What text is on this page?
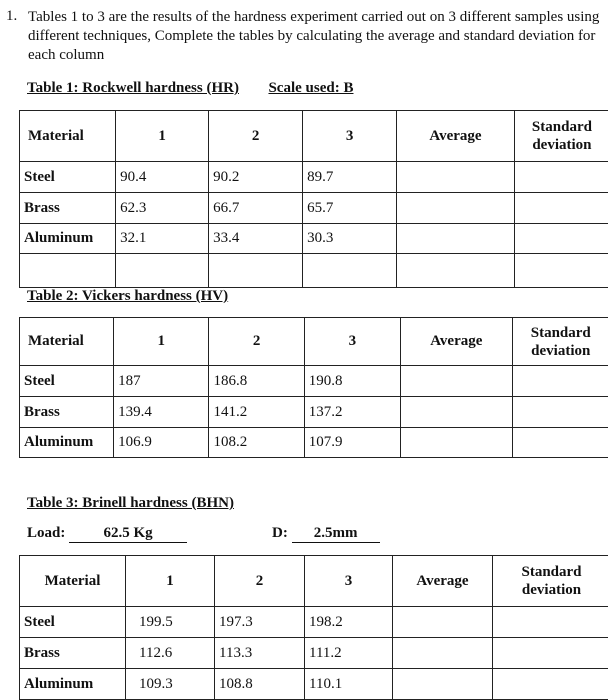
1. Tables 1 to 3 are the results of the hardness experiment carried out on 3 different samples using different techniques, Complete the tables by calculating the average and standard deviation for each column
Table 1: Rockwell hardness (HR) Scale used: B
Material	1	2	3	Average	Standard
deviation

Steel	90.4	90.2	89.7		
Brass	62.3	66.7	65.7		
Aluminum	32.1	33.4	30.3		

Table 2: Vickers hardness (HV)
Material	1	2	3	Average	Standard
deviation

Steel	187	186.8	190.8		
Brass	139.4	141.2	137.2		
Aluminum	106.9	108.2	107.9		
Table 3: Brinell hardness (BHN)
Load:	62.5 Kg	D: 2.5mm
Material	1	2	3	Average	Standard
deviation

Steel	199.5	197.3	198.2		
Brass	112.6	113.3	111.2		
Aluminum	109.3	108.8	110.1		
